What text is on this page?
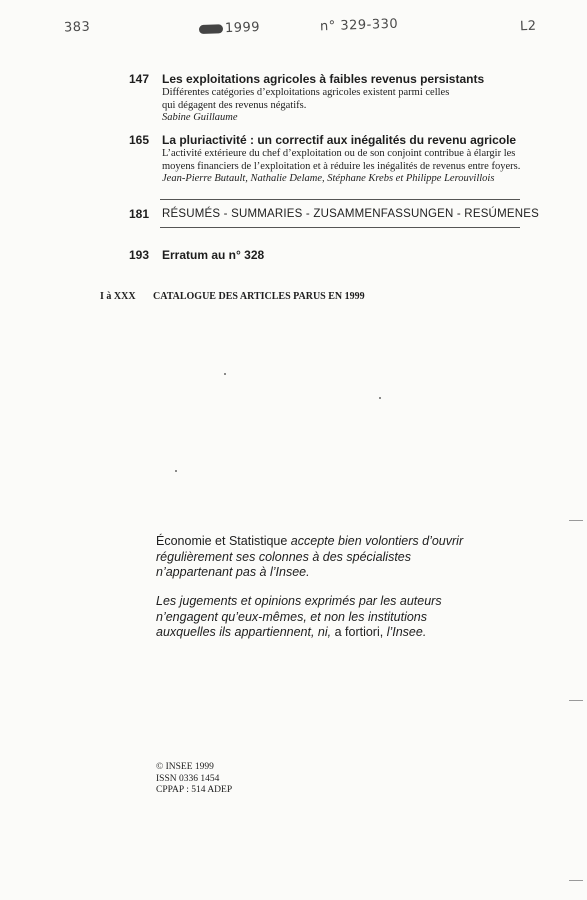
383	1999	n° 329-330	L2
147 Les exploitations agricoles à faibles revenus persistants
Différentes catégories d’exploitations agricoles existent parmi celles
qui dégagent des revenus négatifs.
Sabine Guillaume
165 La pluriactivité : un correctif aux inégalités du revenu agricole
L’activité extérieure du chef d’exploitation ou de son conjoint contribue à élargir les
moyens financiers de l’exploitation et à réduire les inégalités de revenus entre foyers.
Jean-Pierre Butault, Nathalie Delame, Stéphane Krebs et Philippe Lerouvillois
181 RÉSUMÉS - SUMMARIES - ZUSAMMENFASSUNGEN - RESÚMENES
193 Erratum au n° 328
I à XXX CATALOGUE DES ARTICLES PARUS EN 1999

Économie et Statistique accepte bien volontiers d’ouvrir

régulièrement ses colonnes à des spécialistes

n’appartenant pas à l’Insee.

Les jugements et opinions exprimés par les auteurs

n’engagent qu’eux-mêmes, et non les institutions

auxquelles ils appartiennent, ni, a fortiori, l’Insee.

© INSEE 1999
ISSN 0336 1454
CPPAP : 514 ADEP
